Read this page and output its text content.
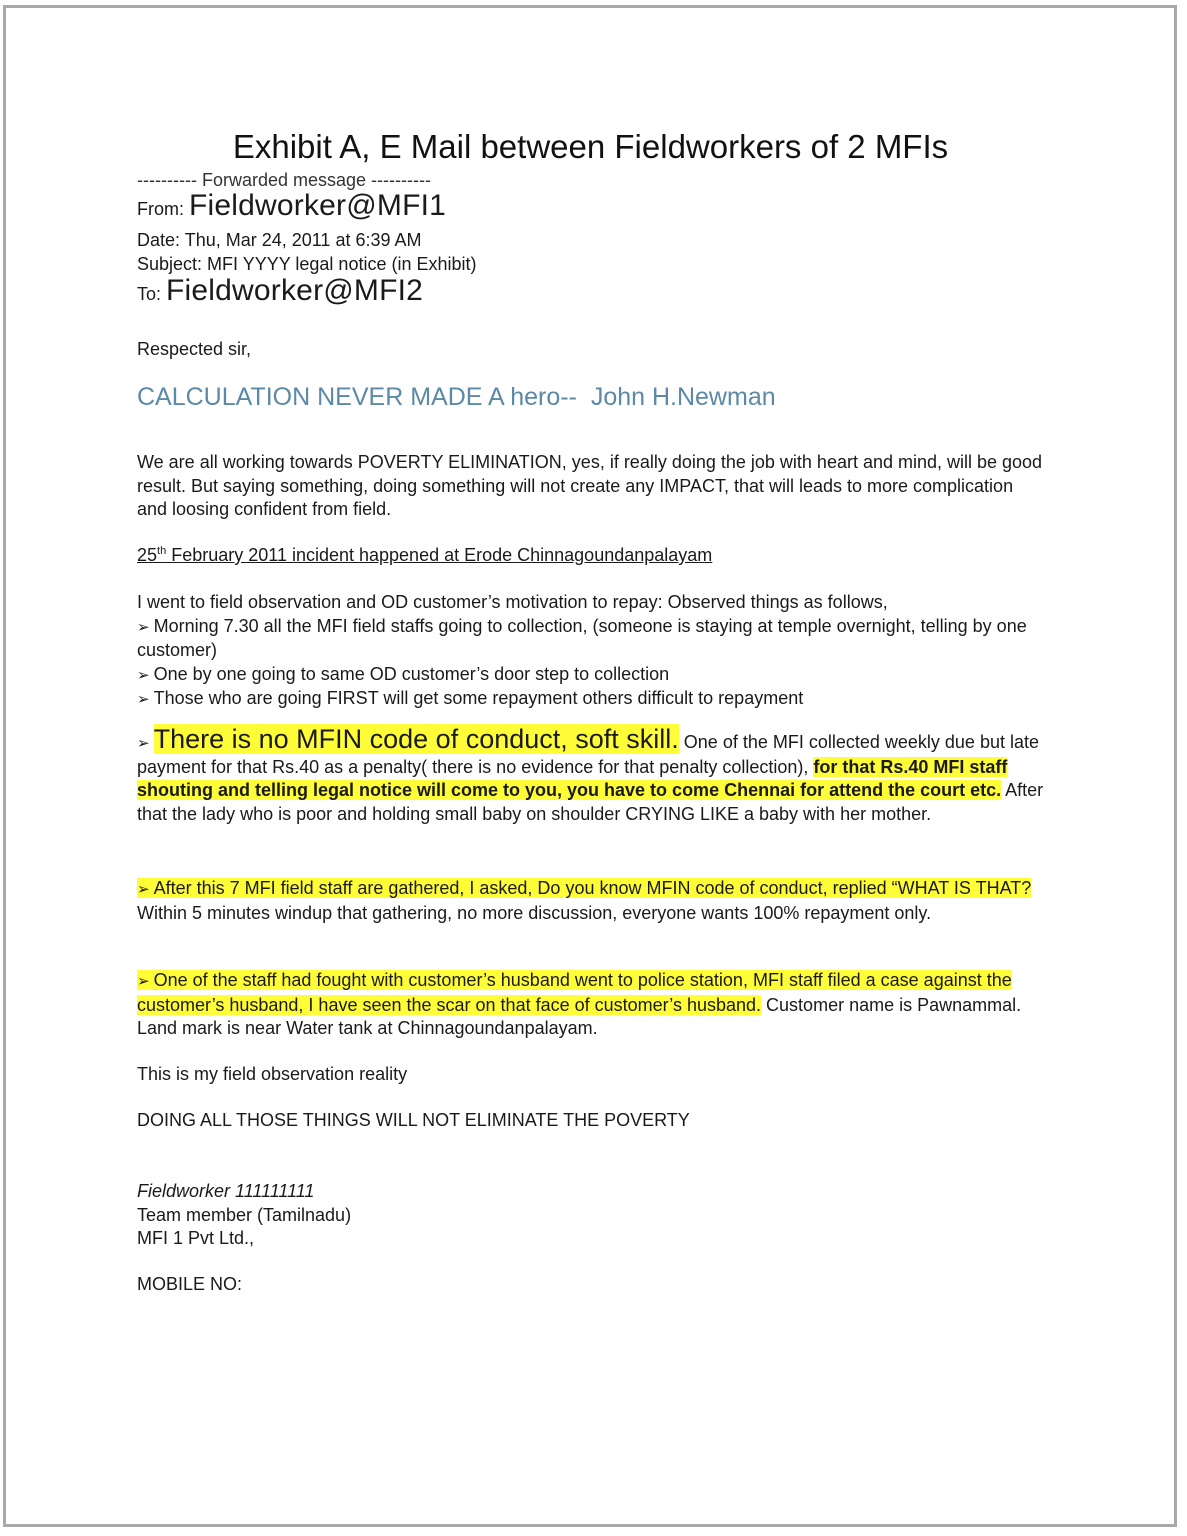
Exhibit A, E Mail between Fieldworkers of 2 MFIs
---------- Forwarded message ----------
From: Fieldworker@MFI1
Date: Thu, Mar 24, 2011 at 6:39 AM
Subject: MFI YYYY legal notice (in Exhibit)
To: Fieldworker@MFI2
Respected sir,
CALCULATION NEVER MADE A hero--  John H.Newman
We are all working towards POVERTY ELIMINATION, yes, if really doing the job with heart and mind, will be good result. But saying something, doing something will not create any IMPACT, that will leads to more complication and loosing confident from field.
25th February 2011 incident happened at Erode Chinnagoundanpalayam
I went to field observation and OD customer’s motivation to repay: Observed things as follows,
➢ Morning 7.30 all the MFI field staffs going to collection, (someone is staying at temple overnight, telling by one customer)
➢ One by one going to same OD customer’s door step to collection
➢ Those who are going FIRST will get some repayment others difficult to repayment
➢ There is no MFIN code of conduct, soft skill. One of the MFI collected weekly due but late payment for that Rs.40 as a penalty( there is no evidence for that penalty collection), for that Rs.40 MFI staff shouting and telling legal notice will come to you, you have to come Chennai for attend the court etc. After that the lady who is poor and holding small baby on shoulder CRYING LIKE a baby with her mother.
➢ After this 7 MFI field staff are gathered, I asked, Do you know MFIN code of conduct, replied “WHAT IS THAT? Within 5 minutes windup that gathering, no more discussion, everyone wants 100% repayment only.
➢ One of the staff had fought with customer’s husband went to police station, MFI staff filed a case against the customer’s husband, I have seen the scar on that face of customer’s husband. Customer name is Pawnammal. Land mark is near Water tank at Chinnagoundanpalayam.
This is my field observation reality
DOING ALL THOSE THINGS WILL NOT ELIMINATE THE POVERTY
Fieldworker 111111111
Team member (Tamilnadu)
MFI 1 Pvt Ltd.,
MOBILE NO:
